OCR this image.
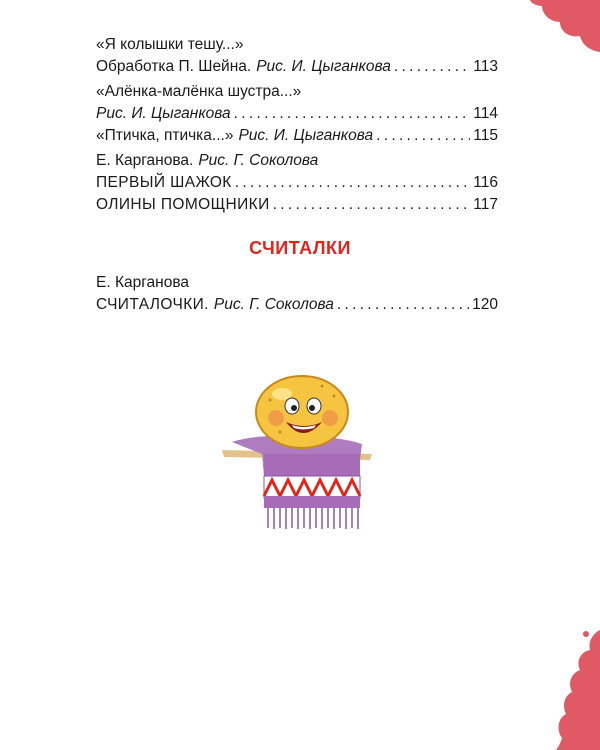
«Я колышки тешу...»
Обработка П. Шейна. Рис. И. Цыганкова . . .	113
«Алёнка-малёнка шустра...»
Рис. И. Цыганкова . . .	114
«Птичка, птичка...» Рис. И. Цыганкова . . .	115
Е. Карганова. Рис. Г. Соколова
ПЕРВЫЙ ШАЖОК . . .	116
ОЛИНЫ ПОМОЩНИКИ . . .	117
СЧИТАЛКИ
Е. Карганова
СЧИТАЛОЧКИ. Рис. Г. Соколова . . .	120
